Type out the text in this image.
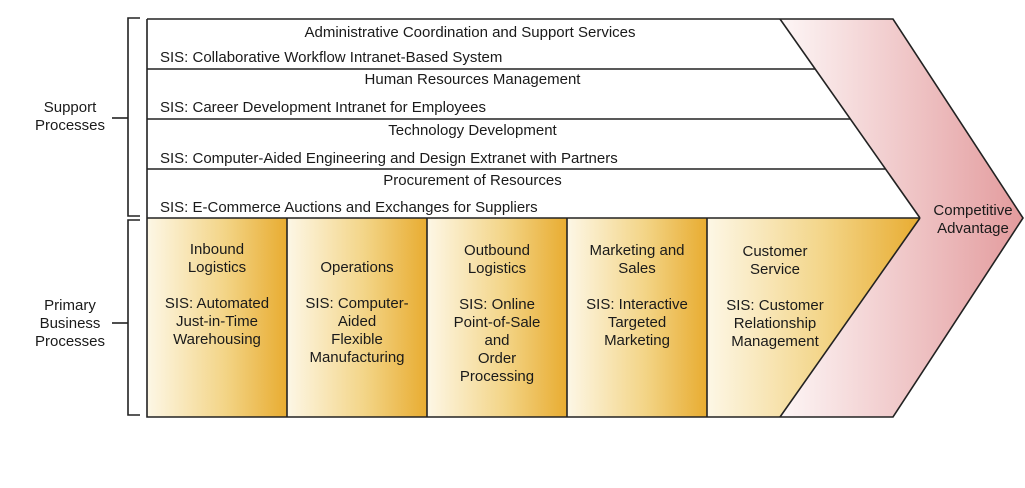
Support
Processes
Primary
Business
Processes
Administrative Coordination and Support Services
SIS: Collaborative Workflow Intranet-Based System
Human Resources Management
SIS: Career Development Intranet for Employees
Technology Development
SIS: Computer-Aided Engineering and Design Extranet with Partners
Procurement of Resources
SIS: E-Commerce Auctions and Exchanges for Suppliers
Inbound
Logistics
SIS: Automated
Just-in-Time
Warehousing
Operations
SIS: Computer-
Aided
Flexible
Manufacturing
Outbound
Logistics
SIS: Online
Point-of-Sale
and
Order
Processing
Marketing and
Sales
SIS: Interactive
Targeted
Marketing
Customer
Service
SIS: Customer
Relationship
Management
Competitive
Advantage
